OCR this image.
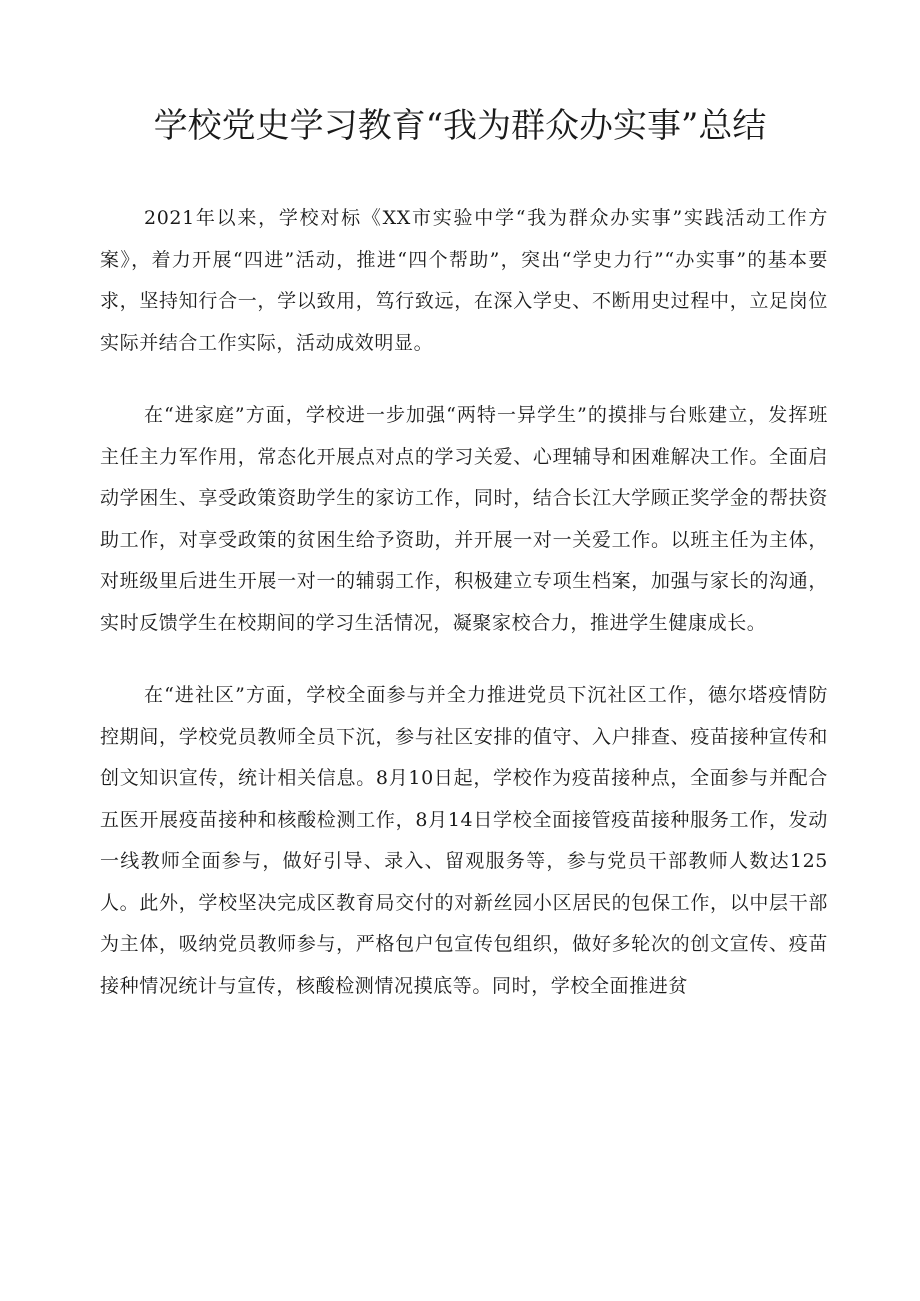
学校党史学习教育“我为群众办实事”总结

2021年以来，学校对标《XX市实验中学“我为群众办实事”实践活动工作方案》，着力开展“四进”活动，推进“四个帮助”，突出“学史力行”“办实事”的基本要求，坚持知行合一，学以致用，笃行致远，在深入学史、不断用史过程中，立足岗位实际并结合工作实际，活动成效明显。

在“进家庭”方面，学校进一步加强“两特一异学生”的摸排与台账建立，发挥班主任主力军作用，常态化开展点对点的学习关爱、心理辅导和困难解决工作。全面启动学困生、享受政策资助学生的家访工作，同时，结合长江大学顾正奖学金的帮扶资助工作，对享受政策的贫困生给予资助，并开展一对一关爱工作。以班主任为主体，对班级里后进生开展一对一的辅弱工作，积极建立专项生档案，加强与家长的沟通，实时反馈学生在校期间的学习生活情况，凝聚家校合力，推进学生健康成长。

在“进社区”方面，学校全面参与并全力推进党员下沉社区工作，德尔塔疫情防控期间，学校党员教师全员下沉，参与社区安排的值守、入户排查、疫苗接种宣传和创文知识宣传，统计相关信息。8月10日起，学校作为疫苗接种点，全面参与并配合五医开展疫苗接种和核酸检测工作，8月14日学校全面接管疫苗接种服务工作，发动一线教师全面参与，做好引导、录入、留观服务等，参与党员干部教师人数达125人。此外，学校坚决完成区教育局交付的对新丝园小区居民的包保工作，以中层干部为主体，吸纳党员教师参与，严格包户包宣传包组织，做好多轮次的创文宣传、疫苗接种情况统计与宣传，核酸检测情况摸底等。同时，学校全面推进贫
